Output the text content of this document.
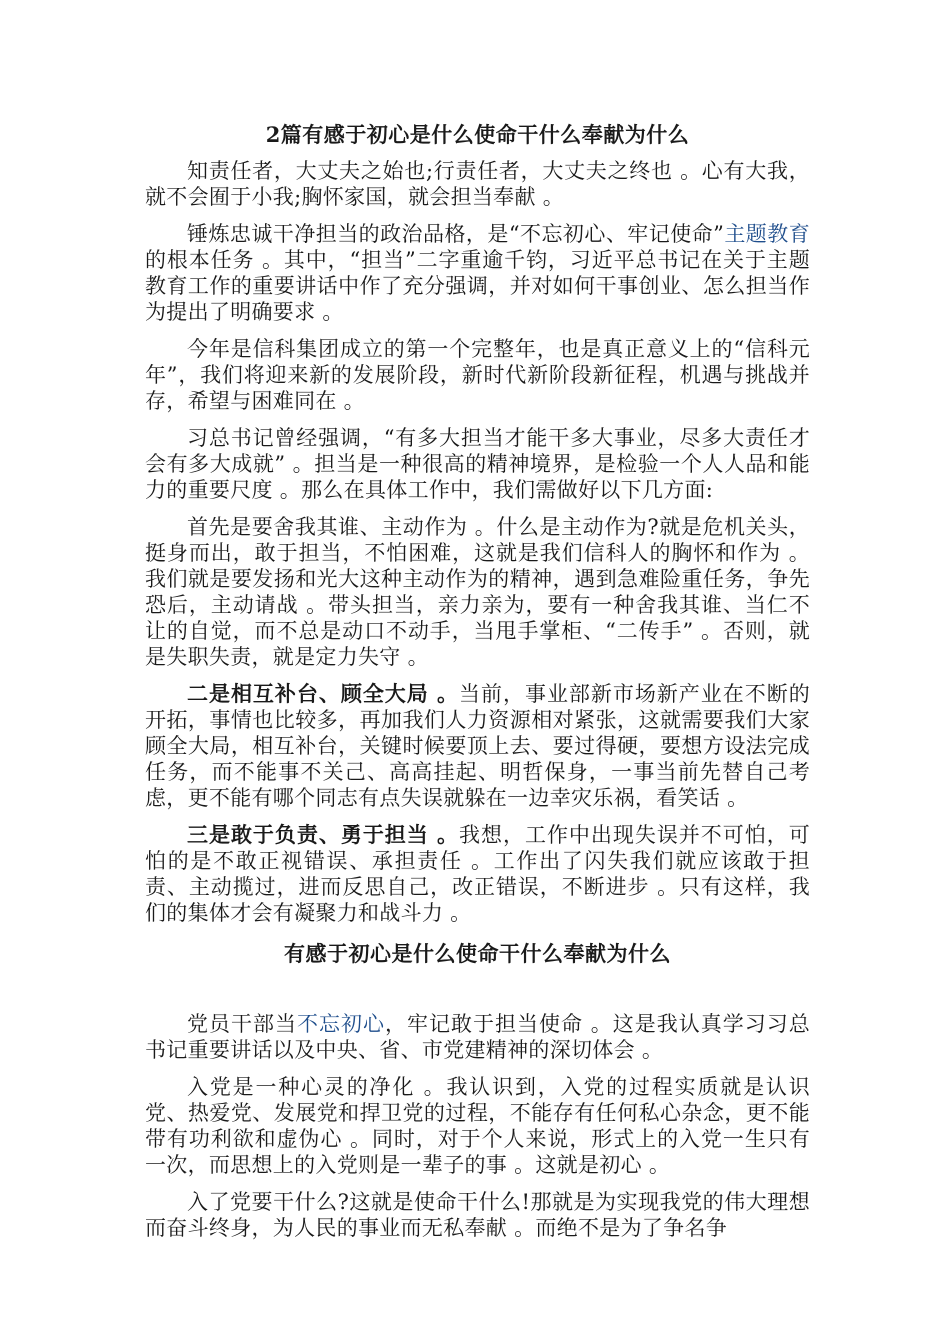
2篇有感于初心是什么使命干什么奉献为什么

知责任者，大丈夫之始也;行责任者，大丈夫之终也 。心有大我，就不会囿于小我;胸怀家国，就会担当奉献 。

锤炼忠诚干净担当的政治品格，是“不忘初心、牢记使命”主题教育的根本任务 。其中，“担当”二字重逾千钧，习近平总书记在关于主题教育工作的重要讲话中作了充分强调，并对如何干事创业、怎么担当作为提出了明确要求 。

今年是信科集团成立的第一个完整年，也是真正意义上的“信科元年”，我们将迎来新的发展阶段，新时代新阶段新征程，机遇与挑战并存，希望与困难同在 。

习总书记曾经强调，“有多大担当才能干多大事业，尽多大责任才会有多大成就” 。担当是一种很高的精神境界，是检验一个人人品和能力的重要尺度 。那么在具体工作中，我们需做好以下几方面:

首先是要舍我其谁、主动作为 。什么是主动作为?就是危机关头，挺身而出，敢于担当，不怕困难，这就是我们信科人的胸怀和作为 。我们就是要发扬和光大这种主动作为的精神，遇到急难险重任务，争先恐后，主动请战 。带头担当，亲力亲为，要有一种舍我其谁、当仁不让的自觉，而不总是动口不动手，当甩手掌柜、“二传手” 。否则，就是失职失责，就是定力失守 。

二是相互补台、顾全大局 。当前，事业部新市场新产业在不断的开拓，事情也比较多，再加我们人力资源相对紧张，这就需要我们大家顾全大局，相互补台，关键时候要顶上去、要过得硬，要想方设法完成任务，而不能事不关己、高高挂起、明哲保身，一事当前先替自己考虑，更不能有哪个同志有点失误就躲在一边幸灾乐祸，看笑话 。

三是敢于负责、勇于担当 。我想，工作中出现失误并不可怕，可怕的是不敢正视错误、承担责任 。工作出了闪失我们就应该敢于担责、主动揽过，进而反思自己，改正错误，不断进步 。只有这样，我们的集体才会有凝聚力和战斗力 。

有感于初心是什么使命干什么奉献为什么

党员干部当不忘初心，牢记敢于担当使命 。这是我认真学习习总书记重要讲话以及中央、省、市党建精神的深切体会 。

入党是一种心灵的净化 。我认识到，入党的过程实质就是认识党、热爱党、发展党和捍卫党的过程，不能存有任何私心杂念，更不能带有功利欲和虚伪心 。同时，对于个人来说，形式上的入党一生只有一次，而思想上的入党则是一辈子的事 。这就是初心 。

入了党要干什么?这就是使命干什么!那就是为实现我党的伟大理想而奋斗终身，为人民的事业而无私奉献 。而绝不是为了争名争
